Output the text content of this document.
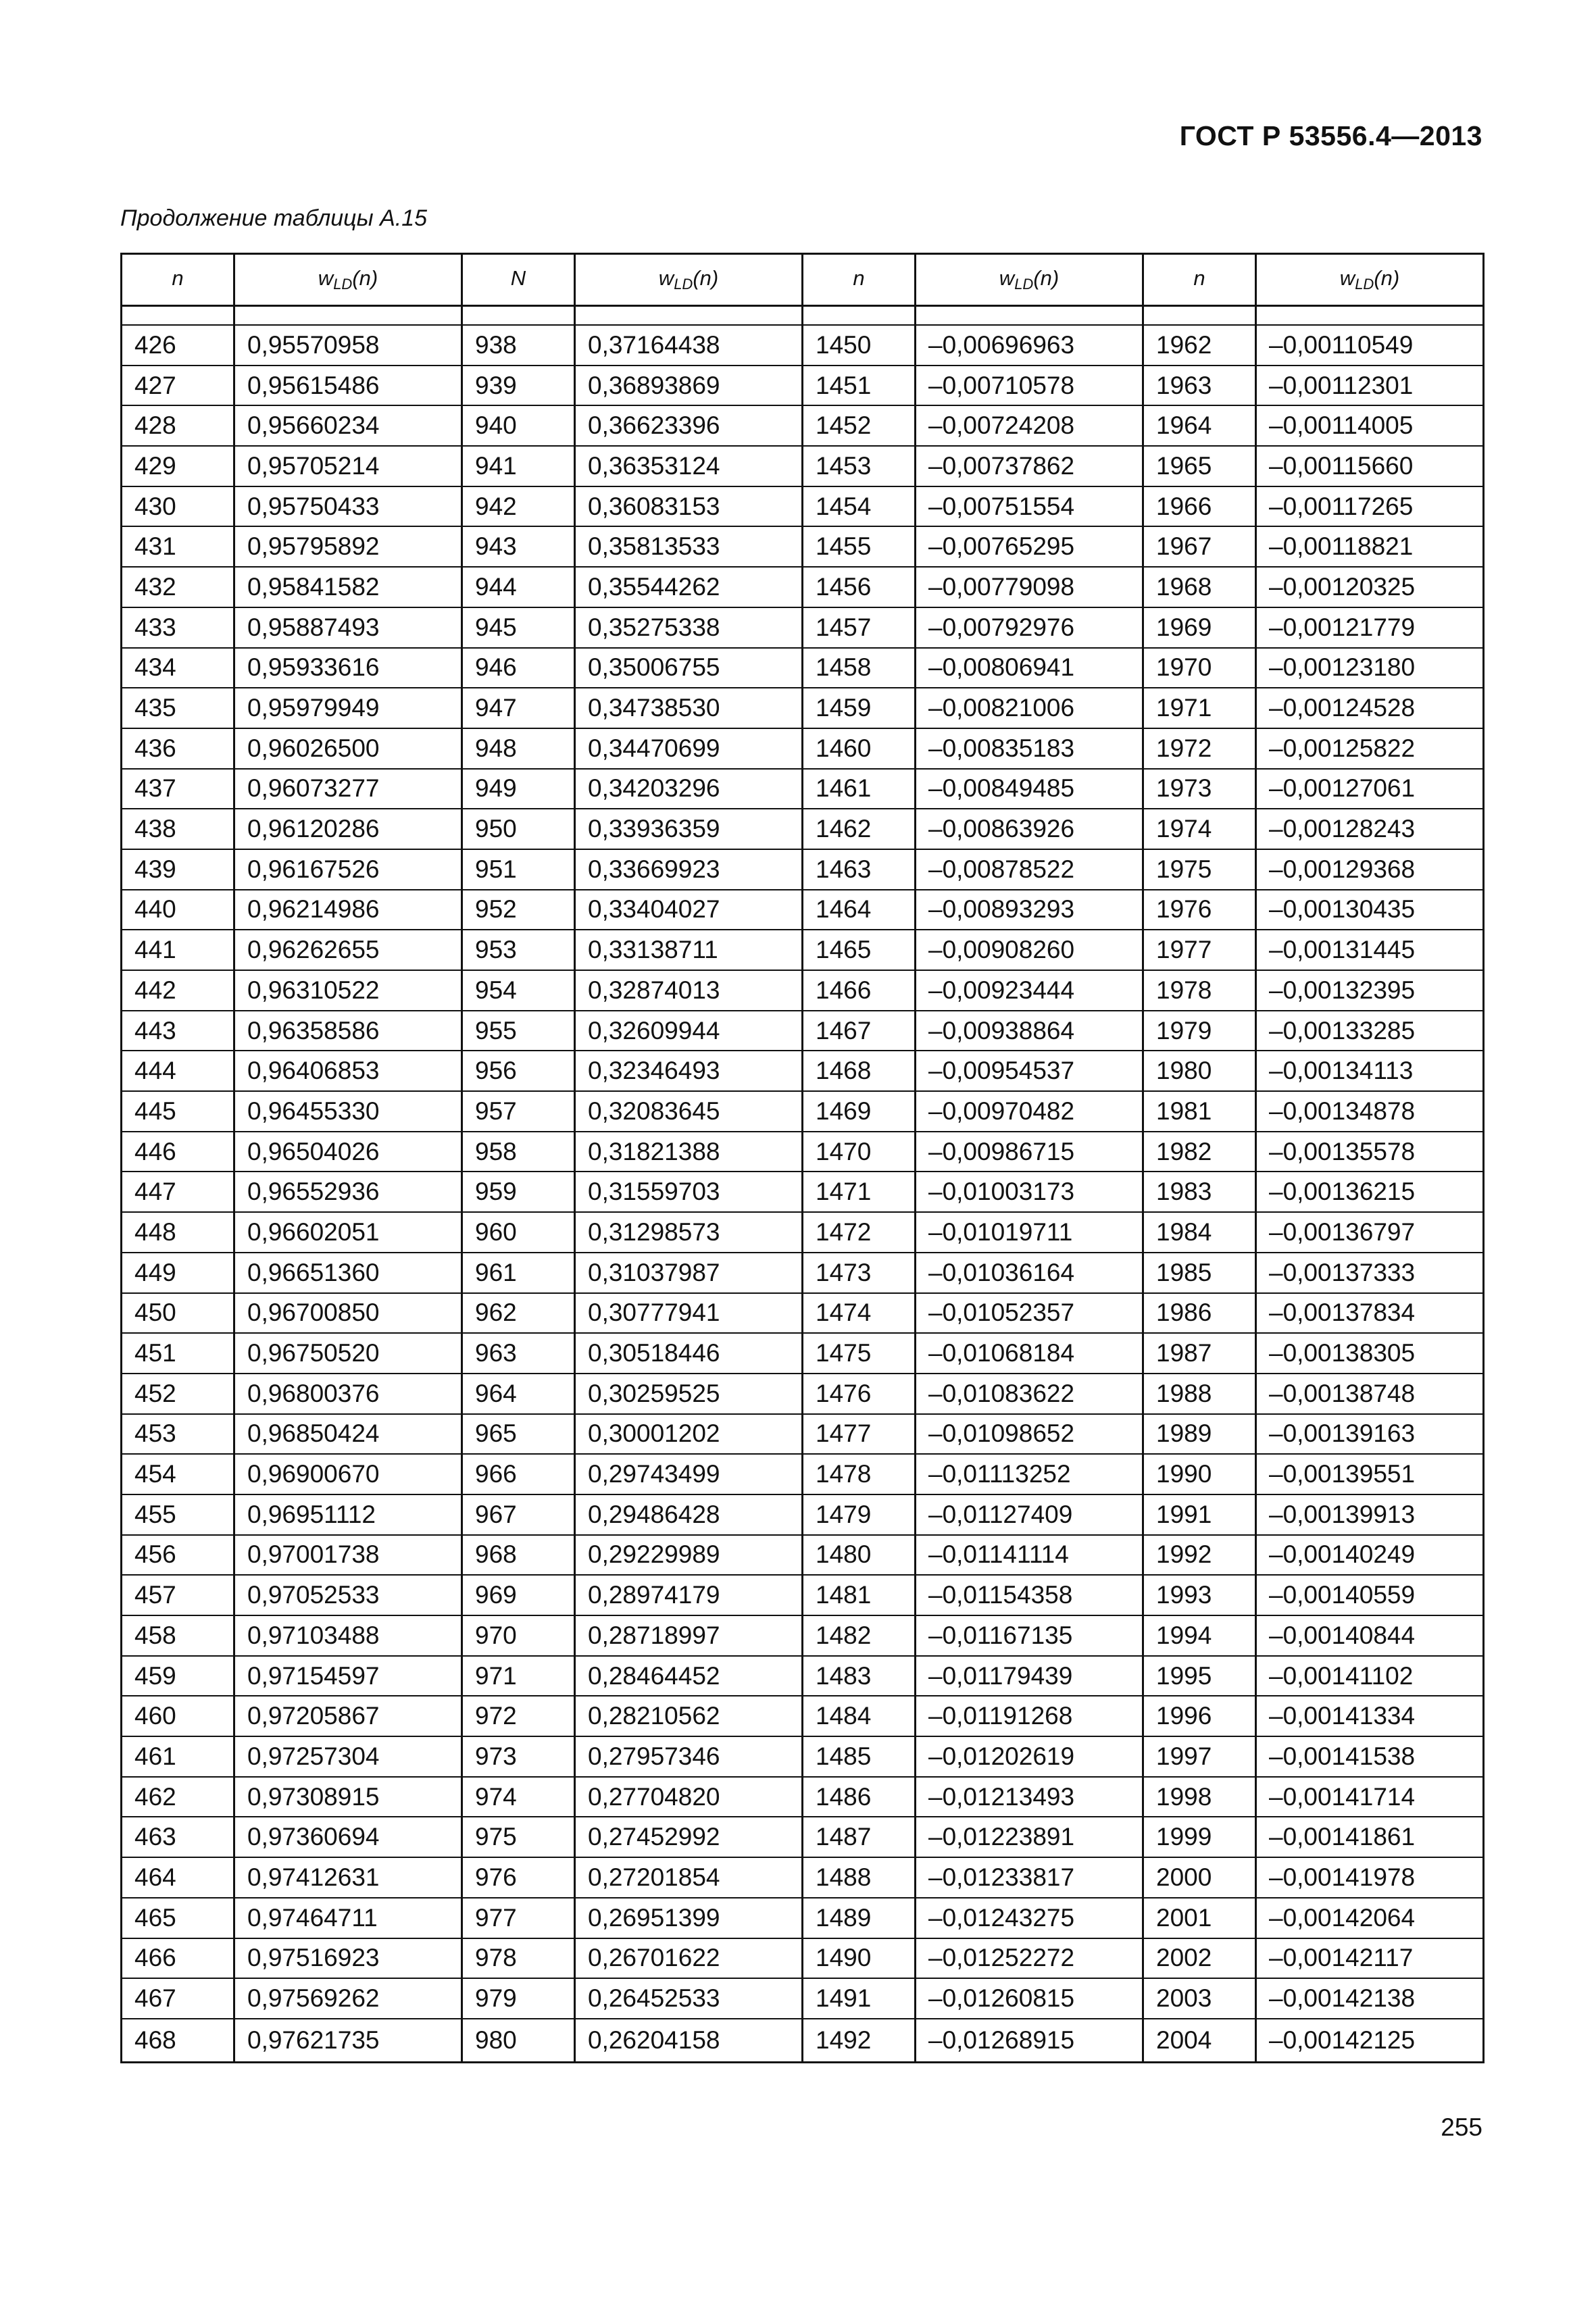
ГОСТ Р 53556.4—2013
Продолжение таблицы А.15
n	$w_{LD}(n)$	N	$w_{LD}(n)$	n	$w_{LD}(n)$	n	$w_{LD}(n)$

426	0,95570958	938	0,37164438	1450	–0,00696963	1962	–0,00110549
427	0,95615486	939	0,36893869	1451	–0,00710578	1963	–0,00112301
428	0,95660234	940	0,36623396	1452	–0,00724208	1964	–0,00114005
429	0,95705214	941	0,36353124	1453	–0,00737862	1965	–0,00115660
430	0,95750433	942	0,36083153	1454	–0,00751554	1966	–0,00117265
431	0,95795892	943	0,35813533	1455	–0,00765295	1967	–0,00118821
432	0,95841582	944	0,35544262	1456	–0,00779098	1968	–0,00120325
433	0,95887493	945	0,35275338	1457	–0,00792976	1969	–0,00121779
434	0,95933616	946	0,35006755	1458	–0,00806941	1970	–0,00123180
435	0,95979949	947	0,34738530	1459	–0,00821006	1971	–0,00124528
436	0,96026500	948	0,34470699	1460	–0,00835183	1972	–0,00125822
437	0,96073277	949	0,34203296	1461	–0,00849485	1973	–0,00127061
438	0,96120286	950	0,33936359	1462	–0,00863926	1974	–0,00128243
439	0,96167526	951	0,33669923	1463	–0,00878522	1975	–0,00129368
440	0,96214986	952	0,33404027	1464	–0,00893293	1976	–0,00130435
441	0,96262655	953	0,33138711	1465	–0,00908260	1977	–0,00131445
442	0,96310522	954	0,32874013	1466	–0,00923444	1978	–0,00132395
443	0,96358586	955	0,32609944	1467	–0,00938864	1979	–0,00133285
444	0,96406853	956	0,32346493	1468	–0,00954537	1980	–0,00134113
445	0,96455330	957	0,32083645	1469	–0,00970482	1981	–0,00134878
446	0,96504026	958	0,31821388	1470	–0,00986715	1982	–0,00135578
447	0,96552936	959	0,31559703	1471	–0,01003173	1983	–0,00136215
448	0,96602051	960	0,31298573	1472	–0,01019711	1984	–0,00136797
449	0,96651360	961	0,31037987	1473	–0,01036164	1985	–0,00137333
450	0,96700850	962	0,30777941	1474	–0,01052357	1986	–0,00137834
451	0,96750520	963	0,30518446	1475	–0,01068184	1987	–0,00138305
452	0,96800376	964	0,30259525	1476	–0,01083622	1988	–0,00138748
453	0,96850424	965	0,30001202	1477	–0,01098652	1989	–0,00139163
454	0,96900670	966	0,29743499	1478	–0,01113252	1990	–0,00139551
455	0,96951112	967	0,29486428	1479	–0,01127409	1991	–0,00139913
456	0,97001738	968	0,29229989	1480	–0,01141114	1992	–0,00140249
457	0,97052533	969	0,28974179	1481	–0,01154358	1993	–0,00140559
458	0,97103488	970	0,28718997	1482	–0,01167135	1994	–0,00140844
459	0,97154597	971	0,28464452	1483	–0,01179439	1995	–0,00141102
460	0,97205867	972	0,28210562	1484	–0,01191268	1996	–0,00141334
461	0,97257304	973	0,27957346	1485	–0,01202619	1997	–0,00141538
462	0,97308915	974	0,27704820	1486	–0,01213493	1998	–0,00141714
463	0,97360694	975	0,27452992	1487	–0,01223891	1999	–0,00141861
464	0,97412631	976	0,27201854	1488	–0,01233817	2000	–0,00141978
465	0,97464711	977	0,26951399	1489	–0,01243275	2001	–0,00142064
466	0,97516923	978	0,26701622	1490	–0,01252272	2002	–0,00142117
467	0,97569262	979	0,26452533	1491	–0,01260815	2003	–0,00142138
468	0,97621735	980	0,26204158	1492	–0,01268915	2004	–0,00142125
255
